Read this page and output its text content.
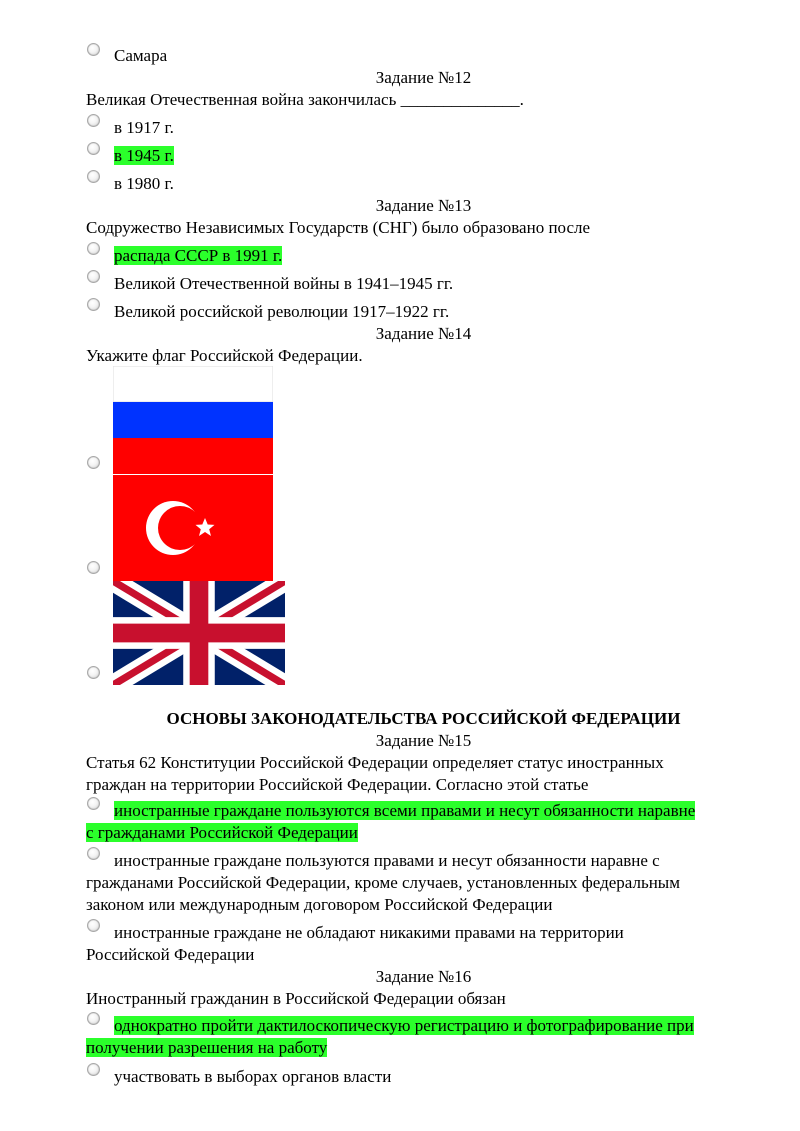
Самара
Задание №12
Великая Отечественная война закончилась ______________.
в 1917 г.
в 1945 г.
в 1980 г.
Задание №13
Содружество Независимых Государств (СНГ) было образовано после
распада СССР в 1991 г.
Великой Отечественной войны в 1941–1945 гг.
Великой российской революции 1917–1922 гг.
Задание №14
Укажите флаг Российской Федерации.
ОСНОВЫ ЗАКОНОДАТЕЛЬСТВА РОССИЙСКОЙ ФЕДЕРАЦИИ
Задание №15
Статья 62 Конституции Российской Федерации определяет статус иностранных
граждан на территории Российской Федерации. Согласно этой статье
иностранные граждане пользуются всеми правами и несут обязанности наравне
с гражданами Российской Федерации
иностранные граждане пользуются правами и несут обязанности наравне с
гражданами Российской Федерации, кроме случаев, установленных федеральным
законом или международным договором Российской Федерации
иностранные граждане не обладают никакими правами на территории
Российской Федерации
Задание №16
Иностранный гражданин в Российской Федерации обязан
однократно пройти дактилоскопическую регистрацию и фотографирование при
получении разрешения на работу
участвовать в выборах органов власти
